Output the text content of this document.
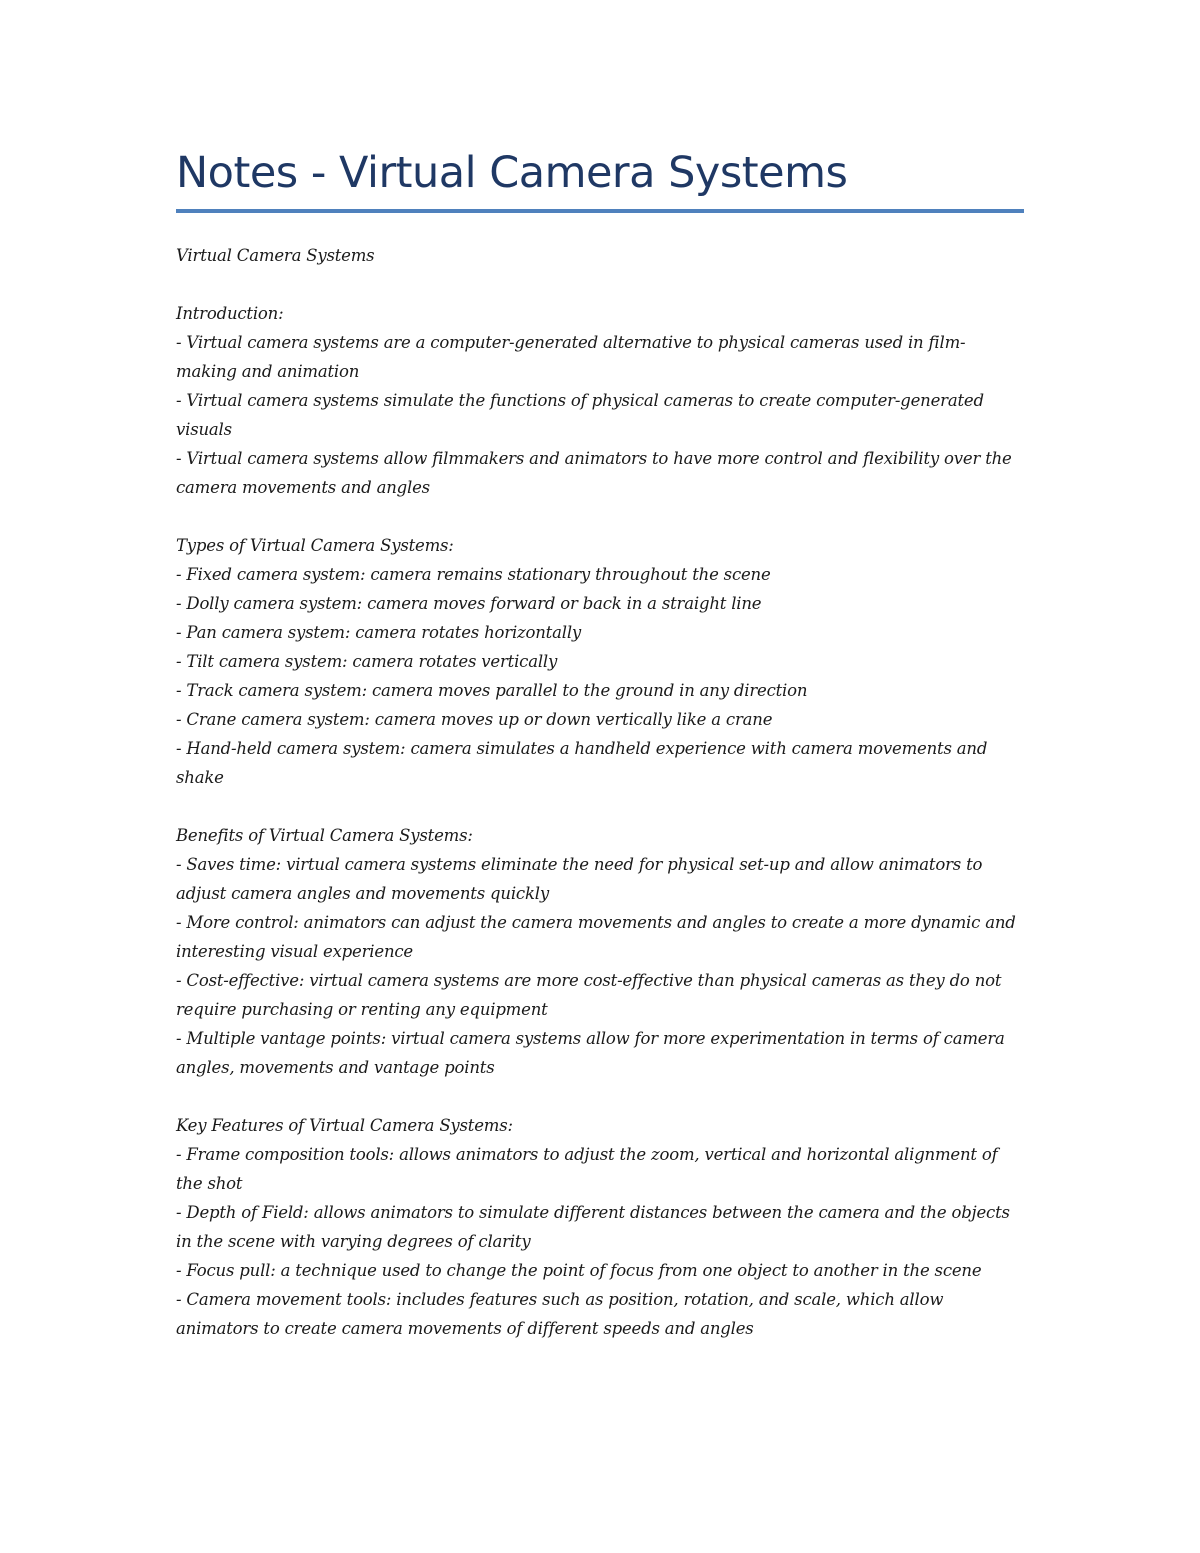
Notes - Virtual Camera Systems

Virtual Camera Systems

Introduction:

- Virtual camera systems are a computer-generated alternative to physical cameras used in film-making and animation

- Virtual camera systems simulate the functions of physical cameras to create computer-generated visuals

- Virtual camera systems allow filmmakers and animators to have more control and flexibility over the camera movements and angles

Types of Virtual Camera Systems:

- Fixed camera system: camera remains stationary throughout the scene

- Dolly camera system: camera moves forward or back in a straight line

- Pan camera system: camera rotates horizontally

- Tilt camera system: camera rotates vertically

- Track camera system: camera moves parallel to the ground in any direction

- Crane camera system: camera moves up or down vertically like a crane

- Hand-held camera system: camera simulates a handheld experience with camera movements and shake

Benefits of Virtual Camera Systems:

- Saves time: virtual camera systems eliminate the need for physical set-up and allow animators to adjust camera angles and movements quickly

- More control: animators can adjust the camera movements and angles to create a more dynamic and interesting visual experience

- Cost-effective: virtual camera systems are more cost-effective than physical cameras as they do not require purchasing or renting any equipment

- Multiple vantage points: virtual camera systems allow for more experimentation in terms of camera angles, movements and vantage points

Key Features of Virtual Camera Systems:

- Frame composition tools: allows animators to adjust the zoom, vertical and horizontal alignment of the shot

- Depth of Field: allows animators to simulate different distances between the camera and the objects in the scene with varying degrees of clarity

- Focus pull: a technique used to change the point of focus from one object to another in the scene

- Camera movement tools: includes features such as position, rotation, and scale, which allow animators to create camera movements of different speeds and angles
